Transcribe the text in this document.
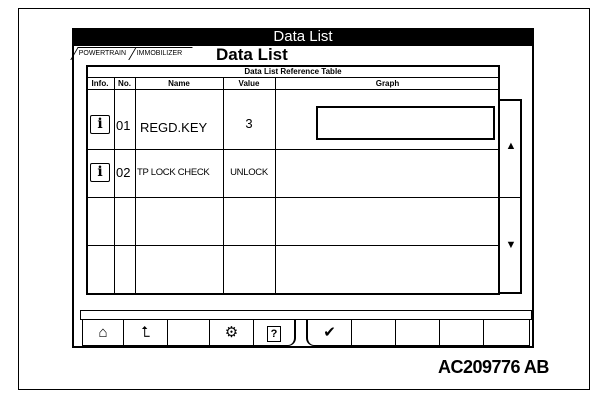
Data List
POWERTRAIN IMMOBILIZER Data List
Data List Reference Table
Info.	No.	Name	Value	Graph
i	01 REGD.KEY	3
i	02 TP LOCK CHECK	UNLOCK
▲
▼
⌂	⮤	⚙	?	✔
AC209776 AB
